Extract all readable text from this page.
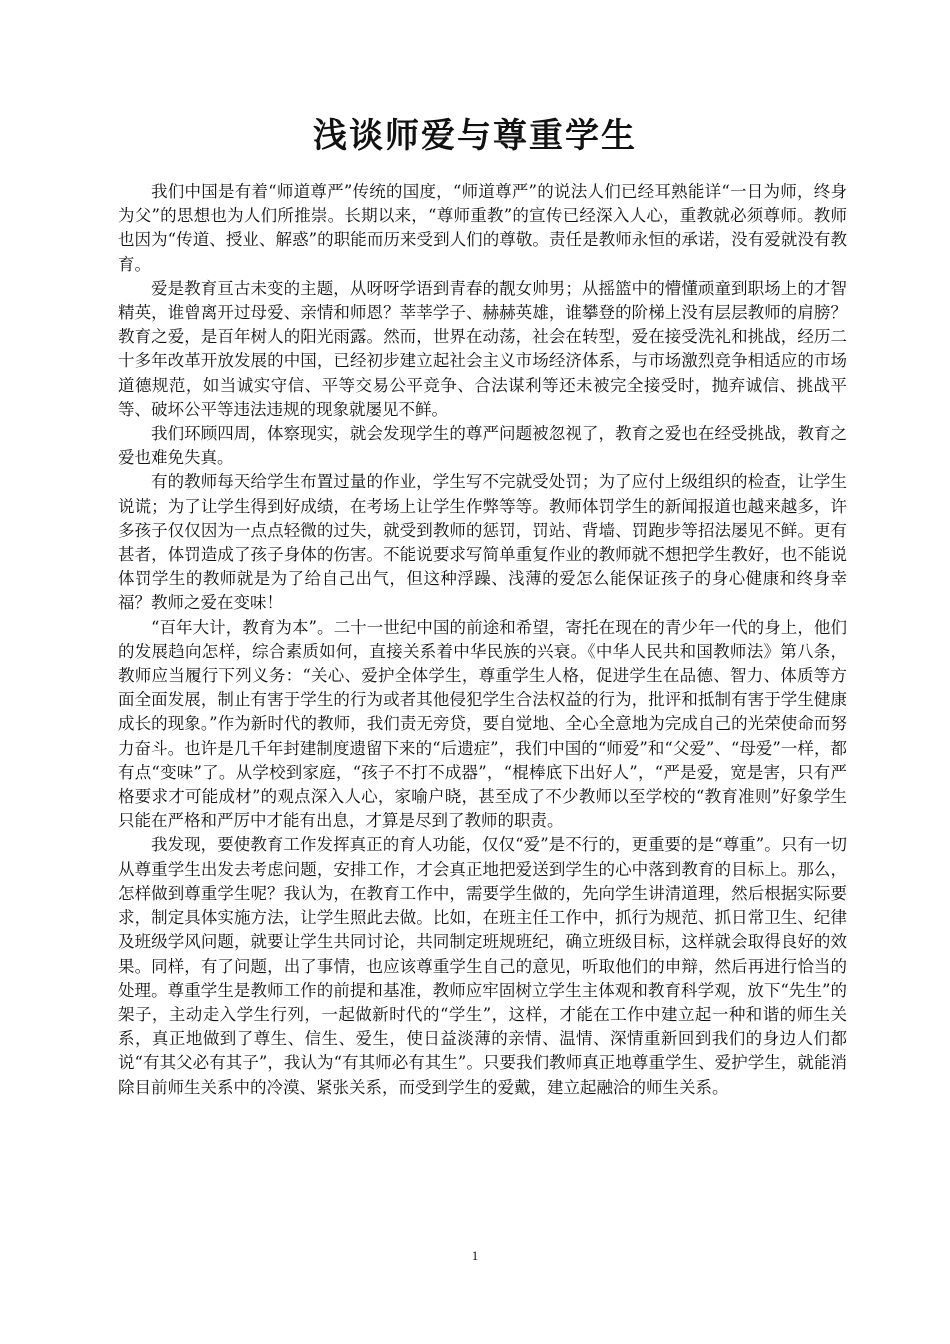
浅谈师爱与尊重学生

我们中国是有着“师道尊严”传统的国度，“师道尊严”的说法人们已经耳熟能详“一日为师，终身为父”的思想也为人们所推崇。长期以来，“尊师重教”的宣传已经深入人心，重教就必须尊师。教师也因为“传道、授业、解惑”的职能而历来受到人们的尊敬。责任是教师永恒的承诺，没有爱就没有教育。

爱是教育亘古未变的主题，从呀呀学语到青春的靓女帅男；从摇篮中的懵懂顽童到职场上的才智精英，谁曾离开过母爱、亲情和师恩？莘莘学子、赫赫英雄，谁攀登的阶梯上没有层层教师的肩膀？教育之爱，是百年树人的阳光雨露。然而，世界在动荡，社会在转型，爱在接受洗礼和挑战，经历二十多年改革开放发展的中国，已经初步建立起社会主义市场经济体系，与市场激烈竞争相适应的市场道德规范，如当诚实守信、平等交易公平竞争、合法谋利等还未被完全接受时，抛弃诚信、挑战平等、破坏公平等违法违规的现象就屡见不鲜。

我们环顾四周，体察现实，就会发现学生的尊严问题被忽视了，教育之爱也在经受挑战，教育之爱也难免失真。

有的教师每天给学生布置过量的作业，学生写不完就受处罚；为了应付上级组织的检查，让学生说谎；为了让学生得到好成绩，在考场上让学生作弊等等。教师体罚学生的新闻报道也越来越多，许多孩子仅仅因为一点点轻微的过失，就受到教师的惩罚，罚站、背墙、罚跑步等招法屡见不鲜。更有甚者，体罚造成了孩子身体的伤害。不能说要求写简单重复作业的教师就不想把学生教好，也不能说体罚学生的教师就是为了给自己出气，但这种浮躁、浅薄的爱怎么能保证孩子的身心健康和终身幸福？教师之爱在变味！

“百年大计，教育为本”。二十一世纪中国的前途和希望，寄托在现在的青少年一代的身上，他们的发展趋向怎样，综合素质如何，直接关系着中华民族的兴衰。《中华人民共和国教师法》第八条，教师应当履行下列义务：“关心、爱护全体学生，尊重学生人格，促进学生在品德、智力、体质等方面全面发展，制止有害于学生的行为或者其他侵犯学生合法权益的行为，批评和抵制有害于学生健康成长的现象。”作为新时代的教师，我们责无旁贷，要自觉地、全心全意地为完成自己的光荣使命而努力奋斗。也许是几千年封建制度遗留下来的“后遗症”，我们中国的“师爱”和“父爱”、“母爱”一样，都有点“变味”了。从学校到家庭，“孩子不打不成器”，“棍棒底下出好人”，“严是爱，宽是害，只有严格要求才可能成材”的观点深入人心，家喻户晓，甚至成了不少教师以至学校的“教育准则”好象学生只能在严格和严厉中才能有出息，才算是尽到了教师的职责。

我发现，要使教育工作发挥真正的育人功能，仅仅“爱”是不行的，更重要的是“尊重”。只有一切从尊重学生出发去考虑问题，安排工作，才会真正地把爱送到学生的心中落到教育的目标上。那么，怎样做到尊重学生呢？我认为，在教育工作中，需要学生做的，先向学生讲清道理，然后根据实际要求，制定具体实施方法，让学生照此去做。比如，在班主任工作中，抓行为规范、抓日常卫生、纪律及班级学风问题，就要让学生共同讨论，共同制定班规班纪，确立班级目标，这样就会取得良好的效果。同样，有了问题，出了事情，也应该尊重学生自己的意见，听取他们的申辩，然后再进行恰当的处理。尊重学生是教师工作的前提和基准，教师应牢固树立学生主体观和教育科学观，放下“先生”的架子，主动走入学生行列，一起做新时代的“学生”，这样，才能在工作中建立起一种和谐的师生关系，真正地做到了尊生、信生、爱生，使日益淡薄的亲情、温情、深情重新回到我们的身边人们都说“有其父必有其子”，我认为“有其师必有其生”。只要我们教师真正地尊重学生、爱护学生，就能消除目前师生关系中的冷漠、紧张关系，而受到学生的爱戴，建立起融洽的师生关系。

1
